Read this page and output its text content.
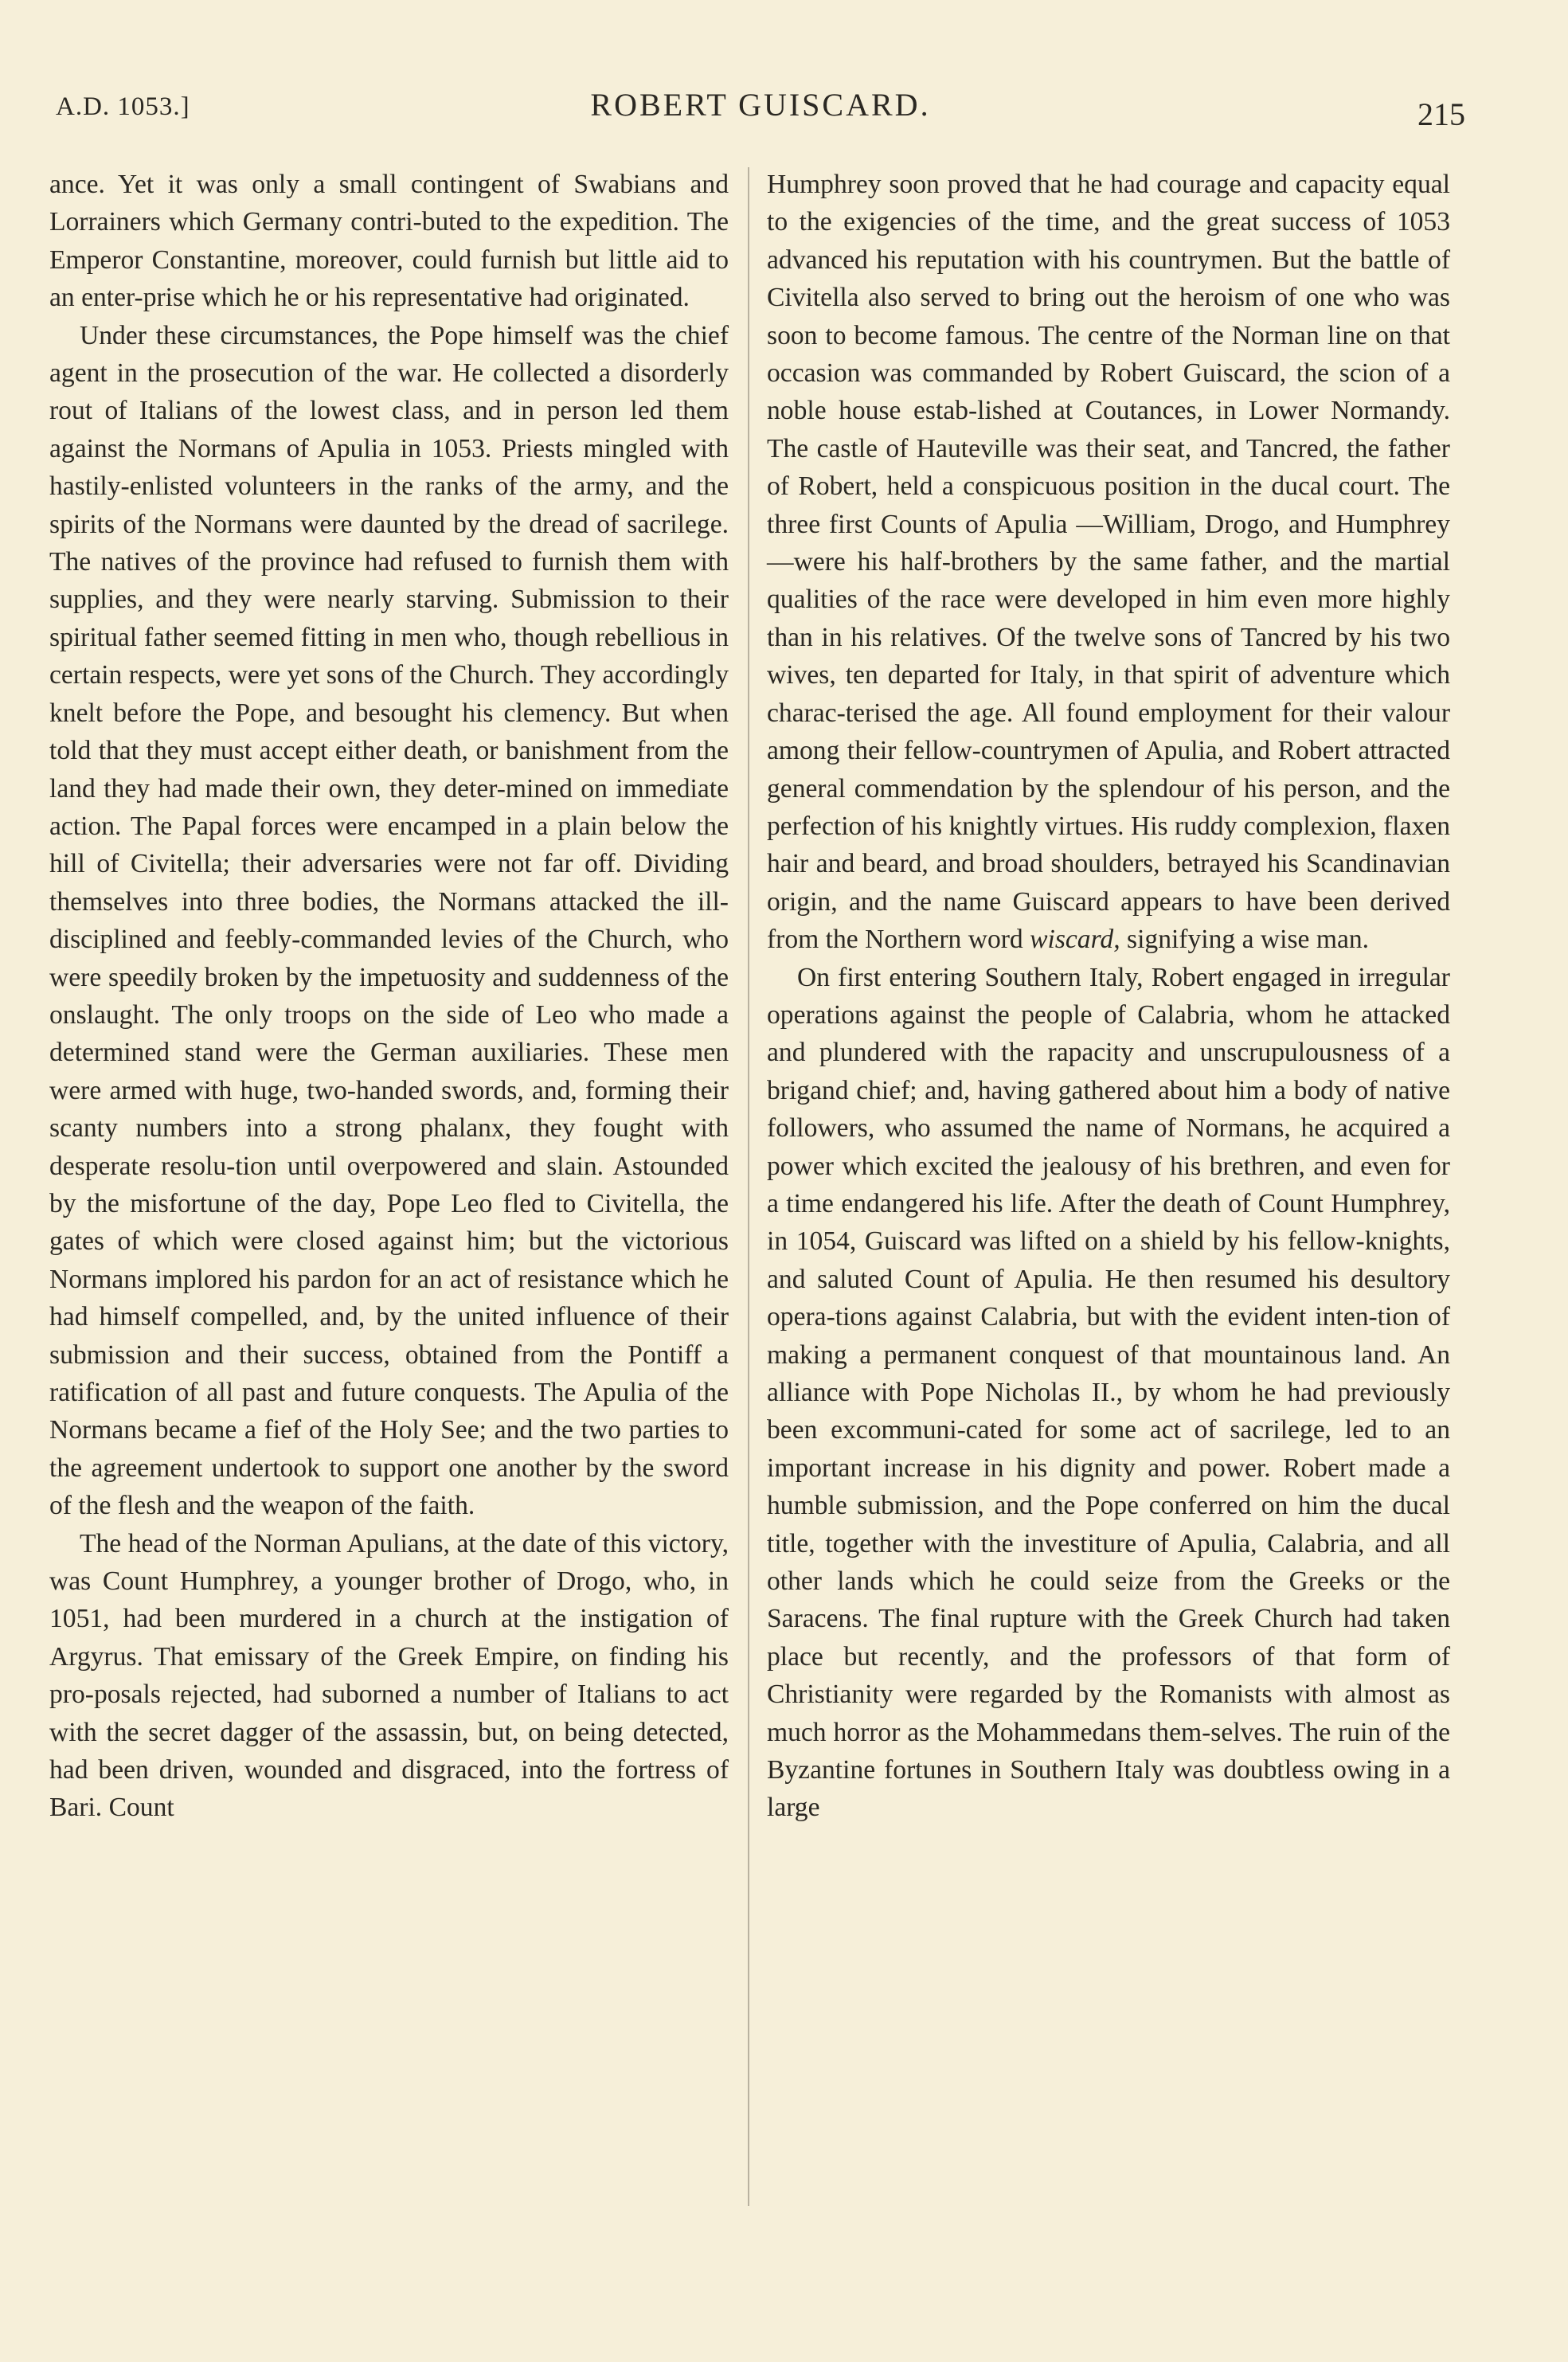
A.D. 1053.]	ROBERT GUISCARD.	215

ance. Yet it was only a small contingent of Swabians and Lorrainers which Germany contri-buted to the expedition. The Emperor Constantine, moreover, could furnish but little aid to an enter-prise which he or his representative had originated.

Under these circumstances, the Pope himself was the chief agent in the prosecution of the war. He collected a disorderly rout of Italians of the lowest class, and in person led them against the Normans of Apulia in 1053. Priests mingled with hastily-enlisted volunteers in the ranks of the army, and the spirits of the Normans were daunted by the dread of sacrilege. The natives of the province had refused to furnish them with supplies, and they were nearly starving. Submission to their spiritual father seemed fitting in men who, though rebellious in certain respects, were yet sons of the Church. They accordingly knelt before the Pope, and besought his clemency. But when told that they must accept either death, or banishment from the land they had made their own, they deter-mined on immediate action. The Papal forces were encamped in a plain below the hill of Civitella; their adversaries were not far off. Dividing themselves into three bodies, the Normans attacked the ill-disciplined and feebly-commanded levies of the Church, who were speedily broken by the impetuosity and suddenness of the onslaught. The only troops on the side of Leo who made a determined stand were the German auxiliaries. These men were armed with huge, two-handed swords, and, forming their scanty numbers into a strong phalanx, they fought with desperate resolu-tion until overpowered and slain. Astounded by the misfortune of the day, Pope Leo fled to Civitella, the gates of which were closed against him; but the victorious Normans implored his pardon for an act of resistance which he had himself compelled, and, by the united influence of their submission and their success, obtained from the Pontiff a ratification of all past and future conquests. The Apulia of the Normans became a fief of the Holy See; and the two parties to the agreement undertook to support one another by the sword of the flesh and the weapon of the faith.

The head of the Norman Apulians, at the date of this victory, was Count Humphrey, a younger brother of Drogo, who, in 1051, had been murdered in a church at the instigation of Argyrus. That emissary of the Greek Empire, on finding his pro-posals rejected, had suborned a number of Italians to act with the secret dagger of the assassin, but, on being detected, had been driven, wounded and disgraced, into the fortress of Bari. Count

Humphrey soon proved that he had courage and capacity equal to the exigencies of the time, and the great success of 1053 advanced his reputation with his countrymen. But the battle of Civitella also served to bring out the heroism of one who was soon to become famous. The centre of the Norman line on that occasion was commanded by Robert Guiscard, the scion of a noble house estab-lished at Coutances, in Lower Normandy. The castle of Hauteville was their seat, and Tancred, the father of Robert, held a conspicuous position in the ducal court. The three first Counts of Apulia —William, Drogo, and Humphrey—were his half-brothers by the same father, and the martial qualities of the race were developed in him even more highly than in his relatives. Of the twelve sons of Tancred by his two wives, ten departed for Italy, in that spirit of adventure which charac-terised the age. All found employment for their valour among their fellow-countrymen of Apulia, and Robert attracted general commendation by the splendour of his person, and the perfection of his knightly virtues. His ruddy complexion, flaxen hair and beard, and broad shoulders, betrayed his Scandinavian origin, and the name Guiscard appears to have been derived from the Northern word wiscard, signifying a wise man.

On first entering Southern Italy, Robert engaged in irregular operations against the people of Calabria, whom he attacked and plundered with the rapacity and unscrupulousness of a brigand chief; and, having gathered about him a body of native followers, who assumed the name of Normans, he acquired a power which excited the jealousy of his brethren, and even for a time endangered his life. After the death of Count Humphrey, in 1054, Guiscard was lifted on a shield by his fellow-knights, and saluted Count of Apulia. He then resumed his desultory opera-tions against Calabria, but with the evident inten-tion of making a permanent conquest of that mountainous land. An alliance with Pope Nicholas II., by whom he had previously been excommuni-cated for some act of sacrilege, led to an important increase in his dignity and power. Robert made a humble submission, and the Pope conferred on him the ducal title, together with the investiture of Apulia, Calabria, and all other lands which he could seize from the Greeks or the Saracens. The final rupture with the Greek Church had taken place but recently, and the professors of that form of Christianity were regarded by the Romanists with almost as much horror as the Mohammedans them-selves. The ruin of the Byzantine fortunes in Southern Italy was doubtless owing in a large
